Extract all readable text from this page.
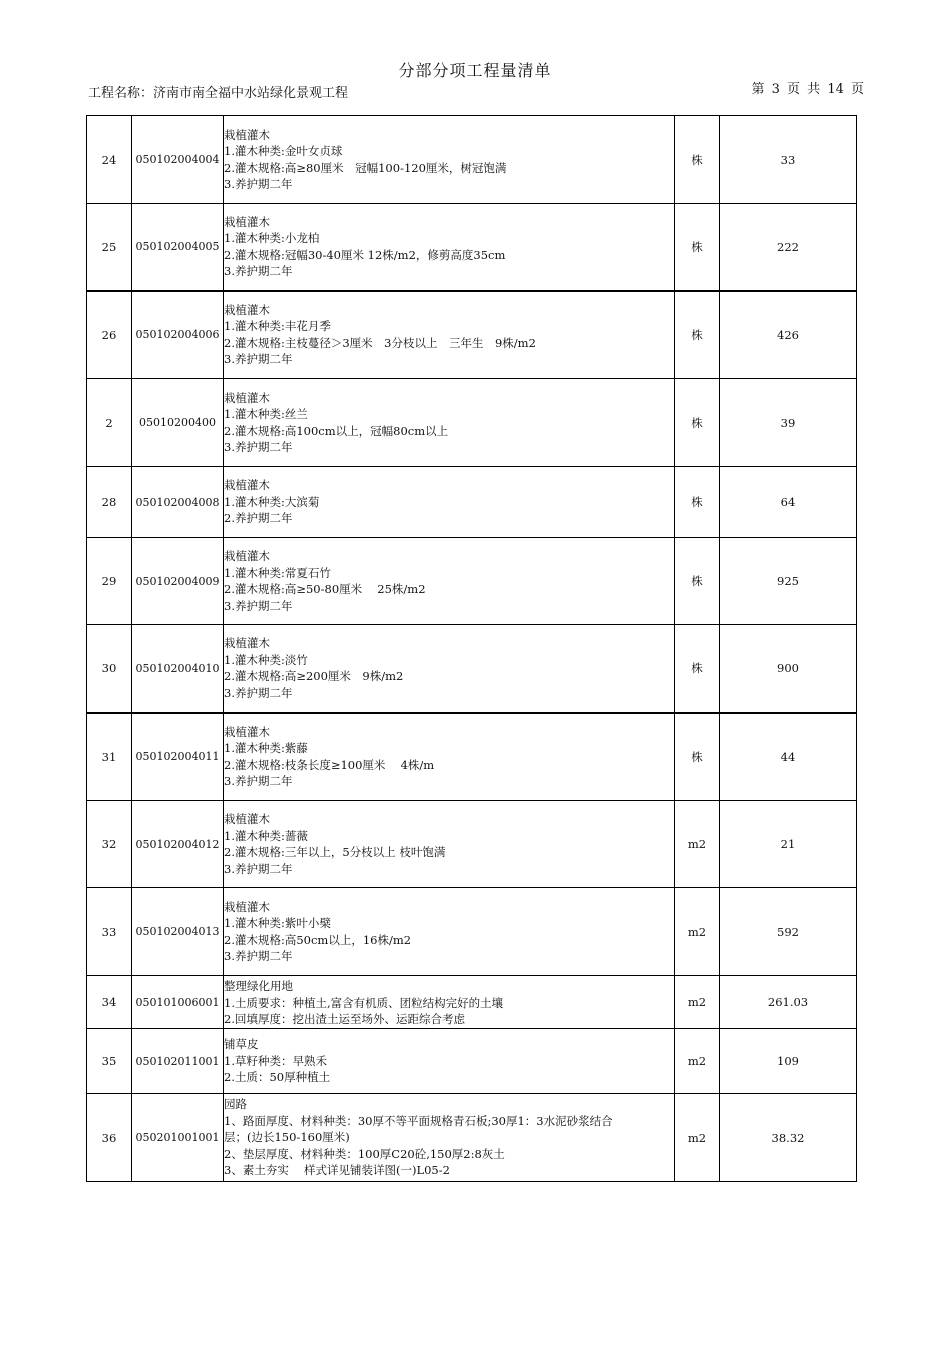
分部分项工程量清单
工程名称：济南市南全福中水站绿化景观工程	第 3 页 共 14 页
24	050102004004	栽植灌木
1.灌木种类:金叶女贞球
2.灌木规格:高≥80厘米　冠幅100-120厘米，树冠饱满
3.养护期二年	株	33
25	050102004005	栽植灌木
1.灌木种类:小龙柏
2.灌木规格:冠幅30-40厘米 12株/m2，修剪高度35cm
3.养护期二年	株	222
26	050102004006	栽植灌木
1.灌木种类:丰花月季
2.灌木规格:主枝蔓径＞3厘米　3分枝以上　三年生　9株/m2
3.养护期二年	株	426
2	05010200400	栽植灌木
1.灌木种类:丝兰
2.灌木规格:高100cm以上，冠幅80cm以上
3.养护期二年	株	39
28	050102004008	栽植灌木
1.灌木种类:大滨菊
2.养护期二年	株	64
29	050102004009	栽植灌木
1.灌木种类:常夏石竹
2.灌木规格:高≥50-80厘米　 25株/m2
3.养护期二年	株	925
30	050102004010	栽植灌木
1.灌木种类:淡竹
2.灌木规格:高≥200厘米　9株/m2
3.养护期二年	株	900
31	050102004011	栽植灌木
1.灌木种类:紫藤
2.灌木规格:枝条长度≥100厘米　 4株/m
3.养护期二年	株	44
32	050102004012	栽植灌木
1.灌木种类:蔷薇
2.灌木规格:三年以上，5分枝以上 枝叶饱满
3.养护期二年	m2	21
33	050102004013	栽植灌木
1.灌木种类:紫叶小檗
2.灌木规格:高50cm以上，16株/m2
3.养护期二年	m2	592
34	050101006001	整理绿化用地
1.土质要求：种植土,富含有机质、团粒结构完好的土壤
2.回填厚度：挖出渣土运至场外、运距综合考虑	m2	261.03
35	050102011001	铺草皮
1.草籽种类：早熟禾
2.土质：50厚种植土	m2	109
36	050201001001	园路
1、路面厚度、材料种类：30厚不等平面规格青石板;30厚1：3水泥砂浆结合
层；(边长150-160厘米)
2、垫层厚度、材料种类：100厚C20砼,150厚2:8灰土
3、素土夯实　 样式详见铺装详图(一)L05-2	m2	38.32
